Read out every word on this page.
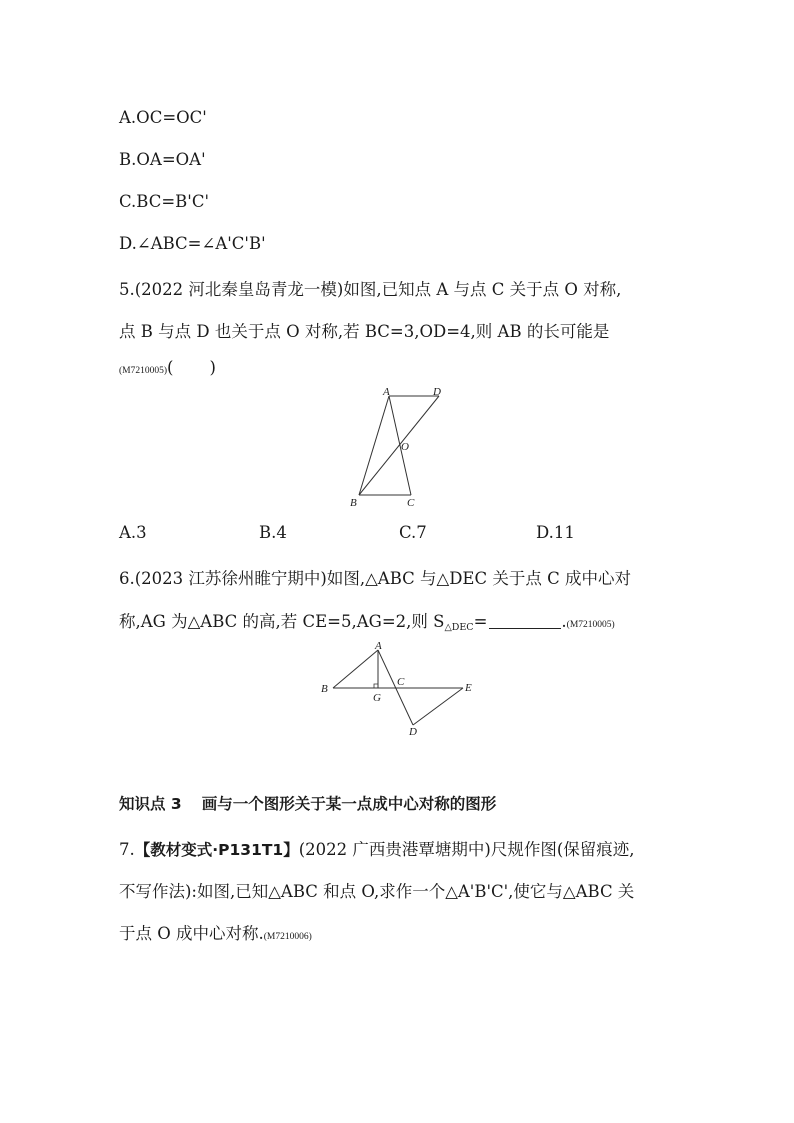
A.OC=OC'
B.OA=OA'
C.BC=B'C'
D.∠ABC=∠A'C'B'
5.(2022 河北秦皇岛青龙一模)如图,已知点 A 与点 C 关于点 O 对称,
点 B 与点 D 也关于点 O 对称,若 BC=3,OD=4,则 AB 的长可能是
(M7210005)( )
A	D
O
B	C
A.3	B.4	C.7	D.11
6.(2023 江苏徐州睢宁期中)如图,△ABC 与△DEC 关于点 C 成中心对
称,AG 为△ABC 的高,若 CE=5,AG=2,则 $S_{\triangle DEC}=$	.(M7210005)
A
B
G
C	E
D
知识点 3 画与一个图形关于某一点成中心对称的图形
7.【教材变式·P131T1】(2022 广西贵港覃塘期中)尺规作图(保留痕迹,
不写作法):如图,已知△ABC 和点 O,求作一个△A'B'C',使它与△ABC 关
于点 O 成中心对称.(M7210006)
